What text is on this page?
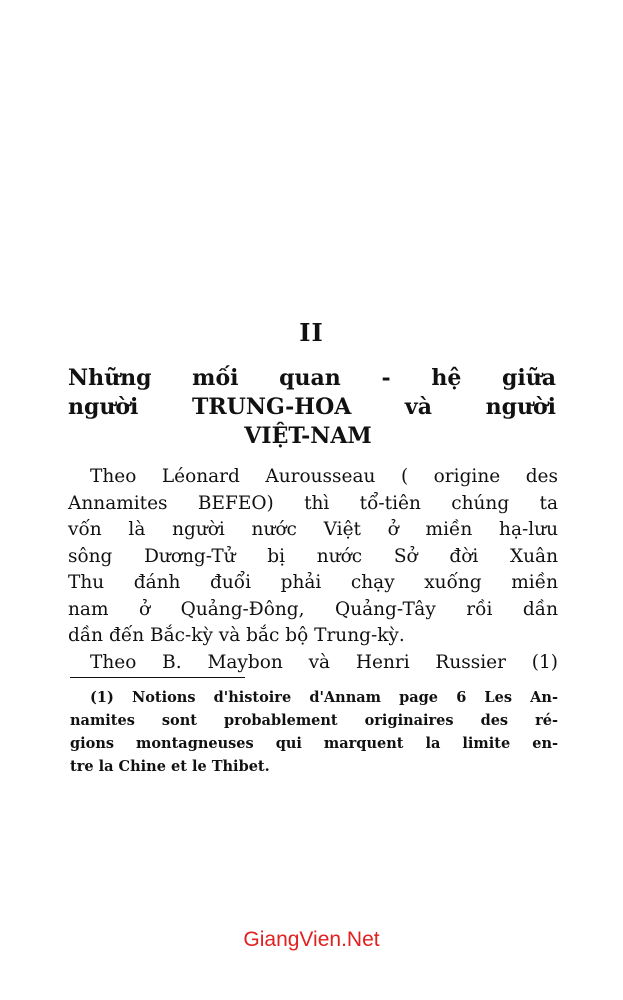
II
Những mối quan - hệ giữa
người TRUNG-HOA và người
VIỆT-NAM
Theo Léonard Aurousseau ( origine des
Annamites BEFEO) thì tổ-tiên chúng ta
vốn là người nước Việt ở miền hạ-lưu
sông Dương-Tử bị nước Sở đời Xuân
Thu đánh đuổi phải chạy xuống miền
nam ở Quảng-Đông, Quảng-Tây rồi dần
dần đến Bắc-kỳ và bắc bộ Trung-kỳ.
Theo B. Maybon và Henri Russier (1)
(1) Notions d'histoire d'Annam page 6 Les An-
namites sont probablement originaires des ré-
gions montagneuses qui marquent la limite en-
tre la Chine et le Thibet.
GiangVien.Net
